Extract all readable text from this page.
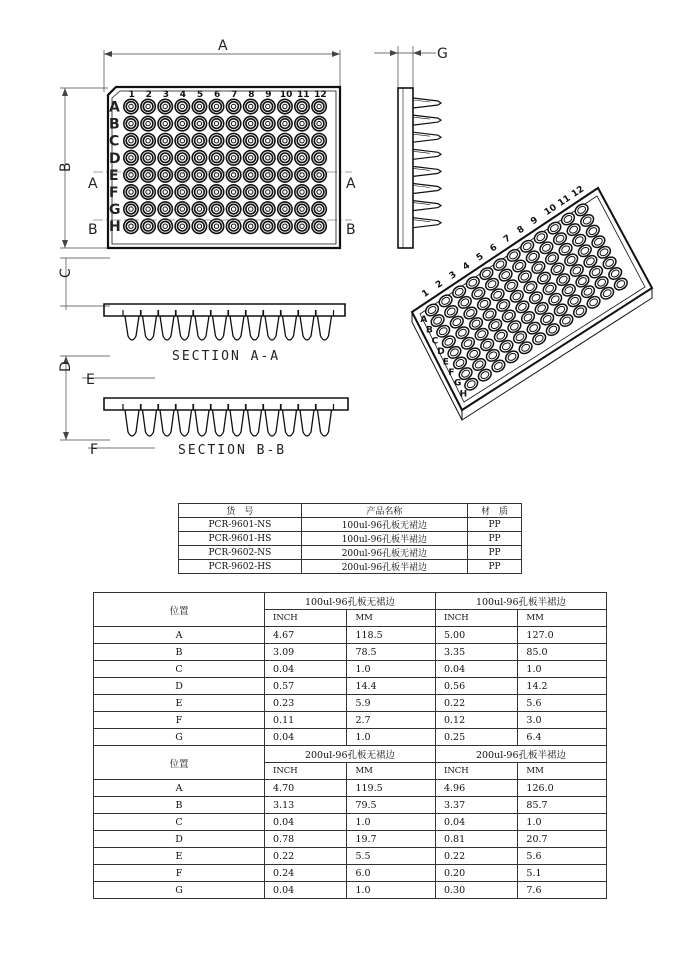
A
B
A
B
C
D
E
F
G
H
1 2 3 4 5 6 7 8 9 10 11 12
A	A
B	B
G
C
SECTION A-A
D
E
F	SECTION B-B
1
2
3
4
5
6
7
8
9
10
11
12
A
B
C
D
E
F
G
H
货　号	产品名称	材　质
PCR-9601-NS	100ul-96孔板无裙边	PP
PCR-9601-HS	100ul-96孔板半裙边	PP
PCR-9602-NS	200ul-96孔板无裙边	PP
PCR-9602-HS	200ul-96孔板半裙边	PP
位置	100ul-96孔板无裙边		100ul-96孔板半裙边	
	INCH	MM	INCH	MM
A	4.67	118.5	5.00	127.0
B	3.09	78.5	3.35	85.0
C	0.04	1.0	0.04	1.0
D	0.57	14.4	0.56	14.2
E	0.23	5.9	0.22	5.6
F	0.11	2.7	0.12	3.0
G	0.04	1.0	0.25	6.4
位置	200ul-96孔板无裙边		200ul-96孔板半裙边	
	INCH	MM	INCH	MM
A	4.70	119.5	4.96	126.0
B	3.13	79.5	3.37	85.7
C	0.04	1.0	0.04	1.0
D	0.78	19.7	0.81	20.7
E	0.22	5.5	0.22	5.6
F	0.24	6.0	0.20	5.1
G	0.04	1.0	0.30	7.6
